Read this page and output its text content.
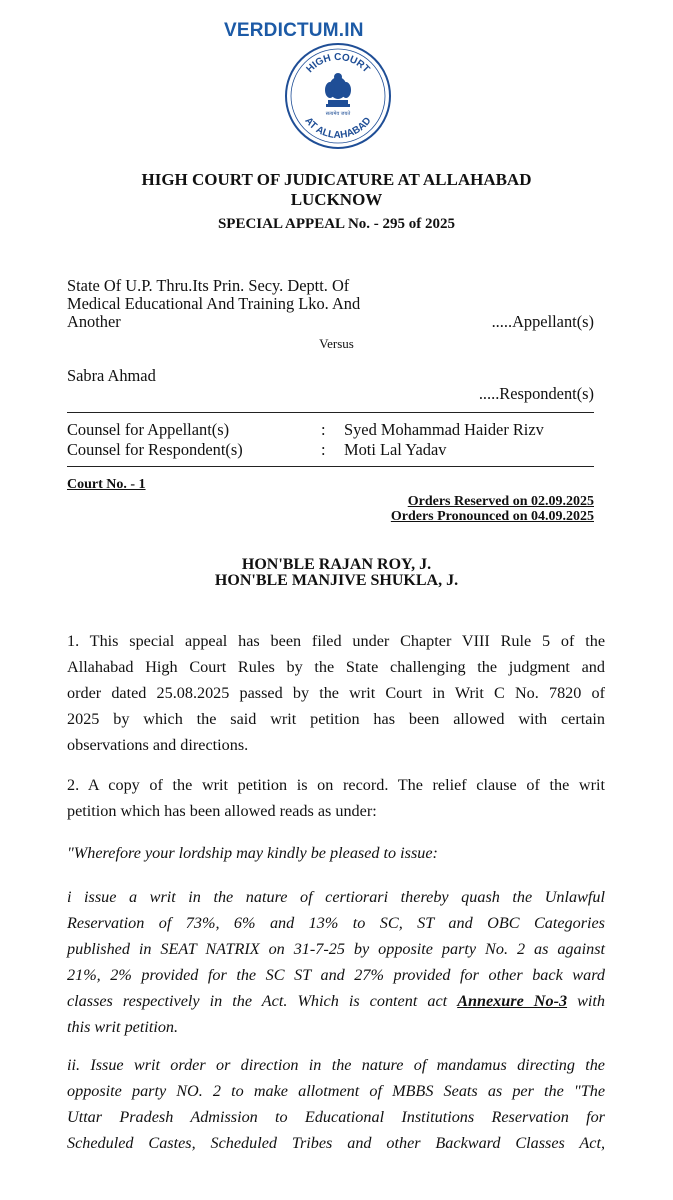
VERDICTUM.IN
HIGH COURT
AT ALLAHABAD
सत्यमेव जयते
HIGH COURT OF JUDICATURE AT ALLAHABAD
LUCKNOW
SPECIAL APPEAL No. - 295 of 2025
State Of U.P. Thru.Its Prin. Secy. Deptt. Of
Medical Educational And Training Lko. And
Another	.....Appellant(s)
Versus
Sabra Ahmad
.....Respondent(s)
Counsel for Appellant(s)	: Syed Mohammad Haider Rizv
Counsel for Respondent(s)	: Moti Lal Yadav
Court No. - 1
Orders Reserved on 02.09.2025
Orders Pronounced on 04.09.2025
HON'BLE RAJAN ROY, J.
HON'BLE MANJIVE SHUKLA, J.
1. This special appeal has been filed under Chapter VIII Rule 5 of the
Allahabad High Court Rules by the State challenging the judgment and
order dated 25.08.2025 passed by the writ Court in Writ C No. 7820 of
2025 by which the said writ petition has been allowed with certain
observations and directions.
2. A copy of the writ petition is on record. The relief clause of the writ
petition which has been allowed reads as under:
"Wherefore your lordship may kindly be pleased to issue:
i issue a writ in the nature of certiorari thereby quash the Unlawful
Reservation of 73%, 6% and 13% to SC, ST and OBC Categories
published in SEAT NATRIX on 31-7-25 by opposite party No. 2 as against
21%, 2% provided for the SC ST and 27% provided for other back ward
classes respectively in the Act. Which is content act Annexure No-3 with
this writ petition.
ii. Issue writ order or direction in the nature of mandamus directing the
opposite party NO. 2 to make allotment of MBBS Seats as per the "The
Uttar Pradesh Admission to Educational Institutions Reservation for
Scheduled Castes, Scheduled Tribes and other Backward Classes Act,
